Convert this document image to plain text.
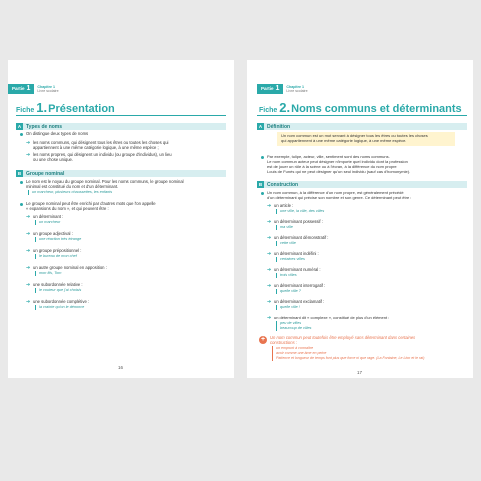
Partie 1	Chapitre 1
Livre scolaire
Fiche 1. Présentation
A Types de noms
On distingue deux types de noms
➔ les noms communs, qui désignent tous les êtres ou toutes les choses qui
appartiennent à une même catégorie logique, à une même espèce ;
➔ les noms propres, qui désignent un individu (ou groupe d'individus), un lieu
ou une chose unique.
B Groupe nominal
Le nom est le noyau du groupe nominal. Pour les noms communs, le groupe nominal
minimal est constitué du nom et d'un déterminant.
un marcheur, plusieurs chaussettes, les enfants
Le groupe nominal peut être enrichi par d'autres mots que l'on appelle
« expansions du nom », et qui peuvent être :
➔ un déterminant :
un marcheur
➔ un groupe adjectival :
une réaction très étrange
➔ un groupe prépositionnel :
le bureau de mon chef
➔ un autre groupe nominal en apposition :
mon fils, Tom
➔ une subordonnée relative :
le couteur que j'ai choisis
➔ une subordonnée complétive :
la crainte qu'on le dénonce
16
Partie 1	Chapitre 1
Livre scolaire
Fiche 2. Noms communs et déterminants
A Définition
Un nom commun est un mot servant à désigner tous les êtres ou toutes les choses
qui appartiennent à une même catégorie logique, à une même espèce.
Par exemple, tulipe, acteur, ville, sentiment sont des noms communs.
Le nom commun acteur peut désigner n'importe quel individu dont la profession
est de jouer un rôle à la scène ou à l'écran, à la différence du nom propre
Louis de Funès qui ne peut désigner qu'un seul individu (sauf cas d'homonymie).
B Construction
Un nom commun, à la différence d'un nom propre, est généralement précédé
d'un déterminant qui précise son nombre et son genre. Ce déterminant peut être :
➔ un article :
une ville, la ville, des villes
➔ un déterminant possessif :
ma ville
➔ un déterminant démonstratif :
cette ville
➔ un déterminant indéfini :
certaines villes
➔ un déterminant numéral :
trois villes
➔ un déterminant interrogatif :
quelle ville ?
➔ un déterminant exclamatif :
quelle ville !
➔ un déterminant dit « complexe », constitué de plus d'un élément :
peu de villes
beaucoup de villes
+	Un nom commun peut toutefois être employé sans déterminant dans certaines
constructions :
un emprunt à connaître
avoir comme une âme en peine
Patience et longueur de temps font plus que force ni que rage. (La Fontaine, Le Lion et le rat)
17
